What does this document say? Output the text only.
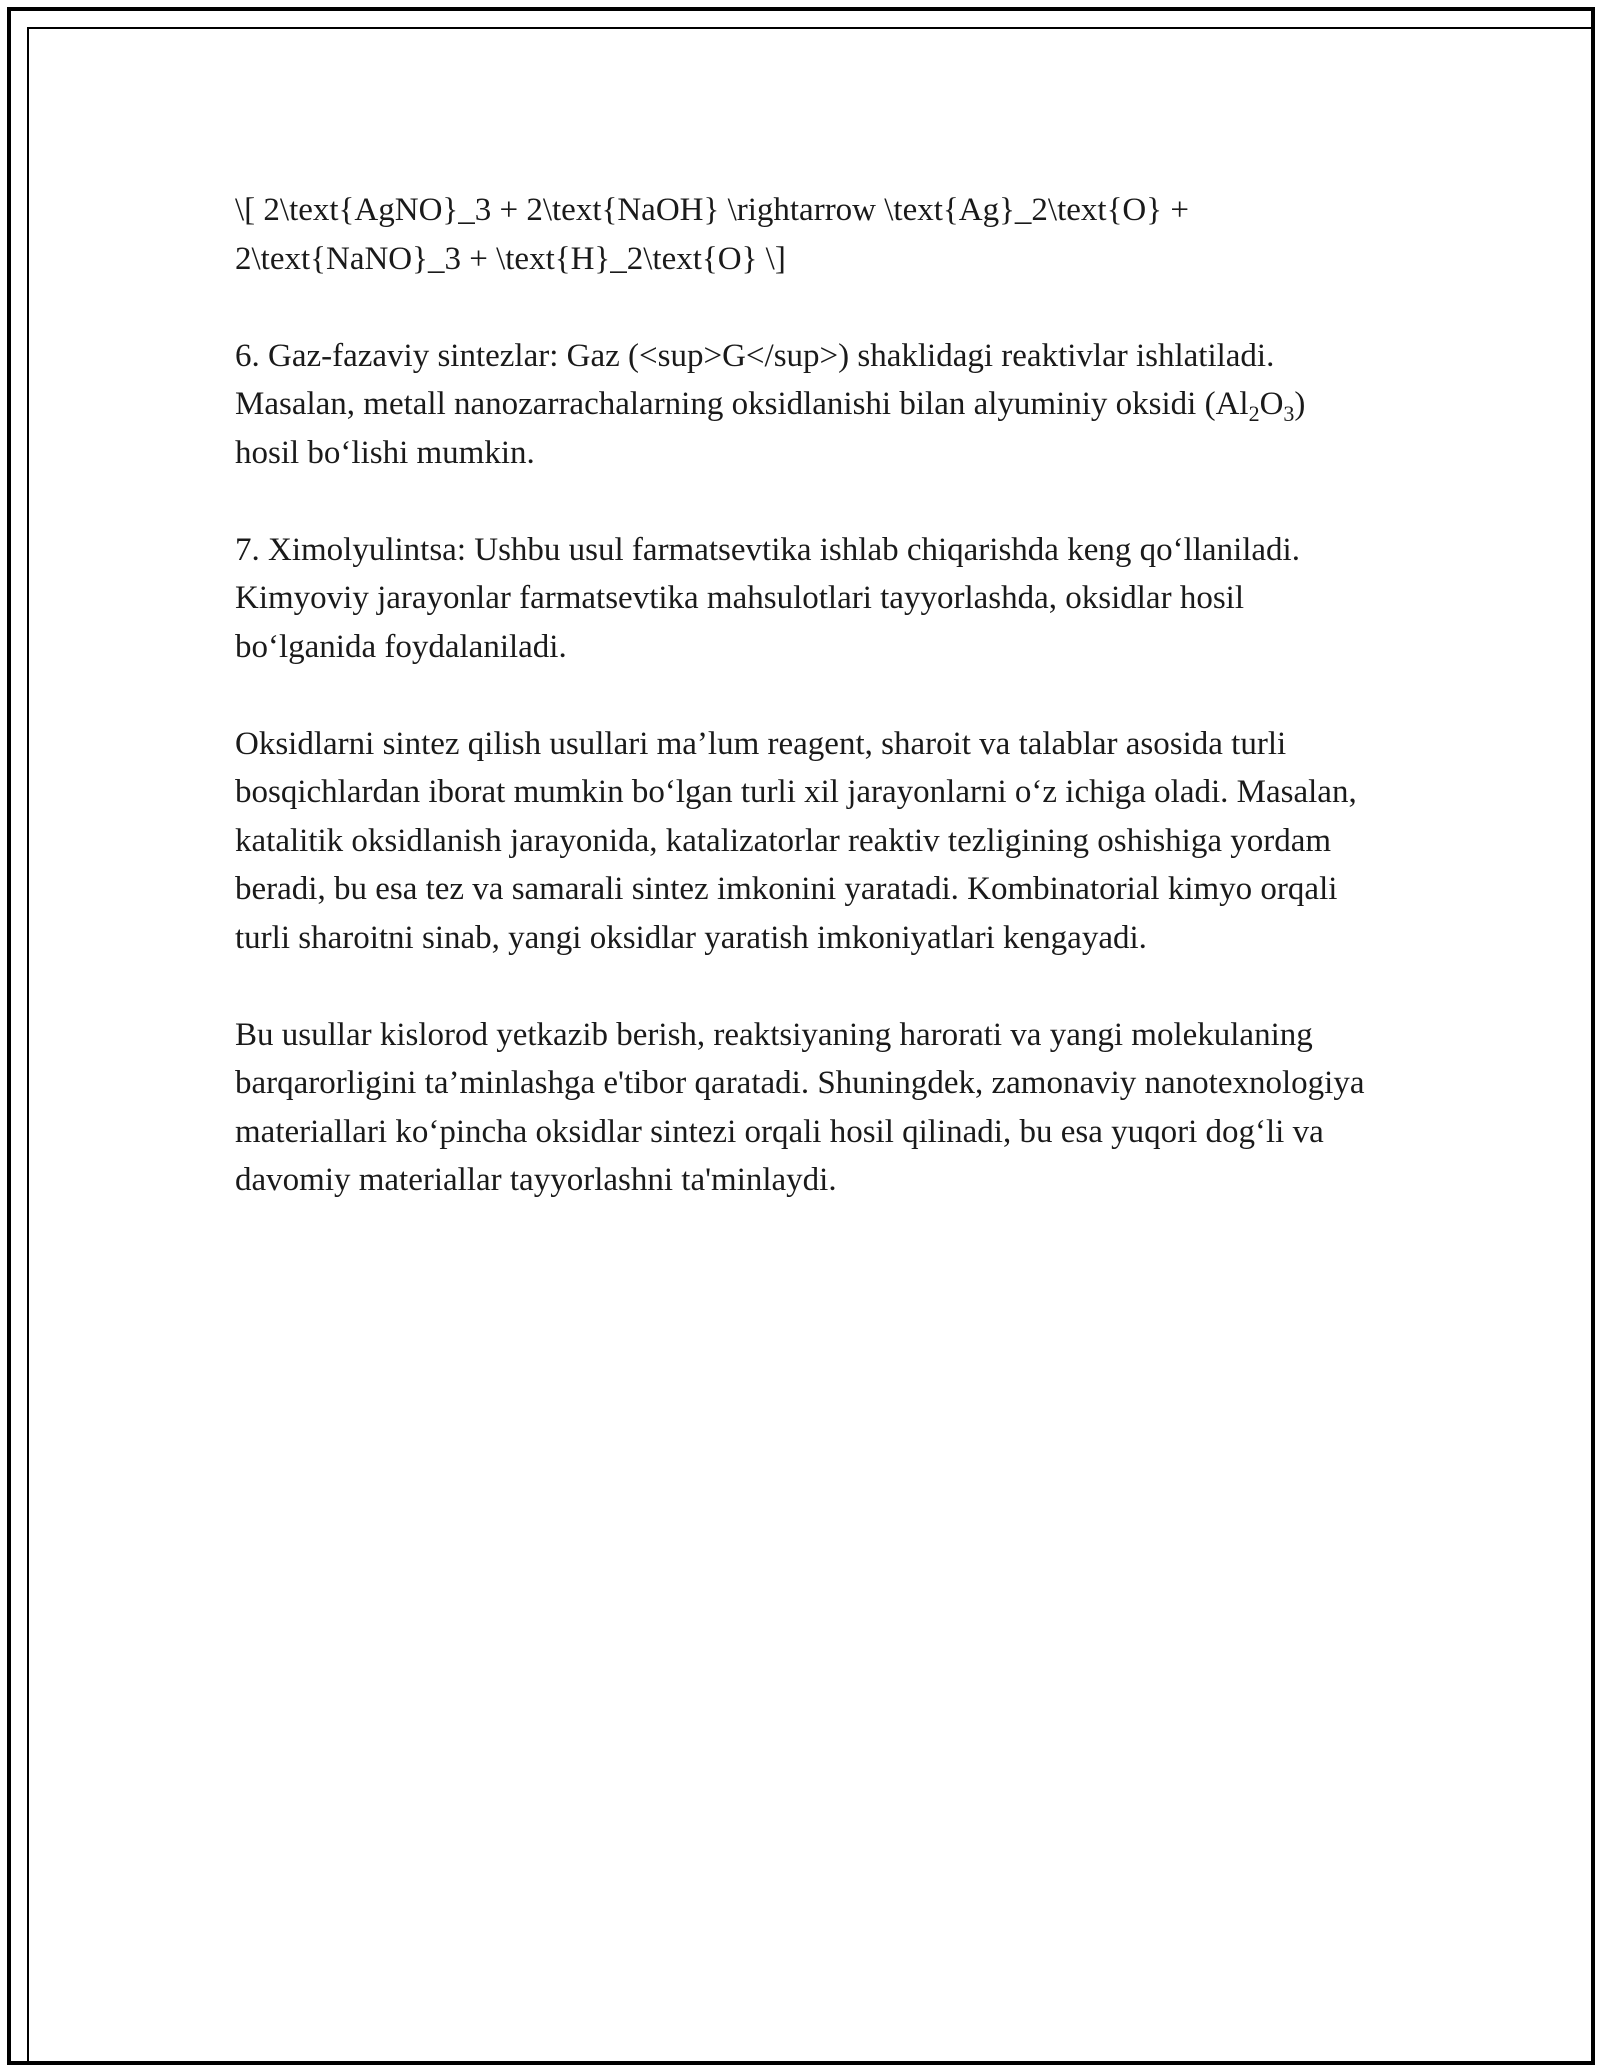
\[ 2\text{AgNO}_3 + 2\text{NaOH} \rightarrow \text{Ag}_2\text{O} +
2\text{NaNO}_3 + \text{H}_2\text{O} \]

6. Gaz-fazaviy sintezlar: Gaz (<sup>G</sup>) shaklidagi reaktivlar ishlatiladi. Masalan, metall nanozarrachalarning oksidlanishi bilan alyuminiy oksidi $(Al_2O_3)$ hosil bo‘lishi mumkin.

7. Ximolyulintsa: Ushbu usul farmatsevtika ishlab chiqarishda keng qo‘llaniladi. Kimyoviy jarayonlar farmatsevtika mahsulotlari tayyorlashda, oksidlar hosil bo‘lganida foydalaniladi.

Oksidlarni sintez qilish usullari ma’lum reagent, sharoit va talablar asosida turli bosqichlardan iborat mumkin bo‘lgan turli xil jarayonlarni o‘z ichiga oladi. Masalan, katalitik oksidlanish jarayonida, katalizatorlar reaktiv tezligining oshishiga yordam beradi, bu esa tez va samarali sintez imkonini yaratadi. Kombinatorial kimyo orqali turli sharoitni sinab, yangi oksidlar yaratish imkoniyatlari kengayadi.

Bu usullar kislorod yetkazib berish, reaktsiyaning harorati va yangi molekulaning barqarorligini ta’minlashga e'tibor qaratadi. Shuningdek, zamonaviy nanotexnologiya materiallari ko‘pincha oksidlar sintezi orqali hosil qilinadi, bu esa yuqori dog‘li va davomiy materiallar tayyorlashni ta'minlaydi.
